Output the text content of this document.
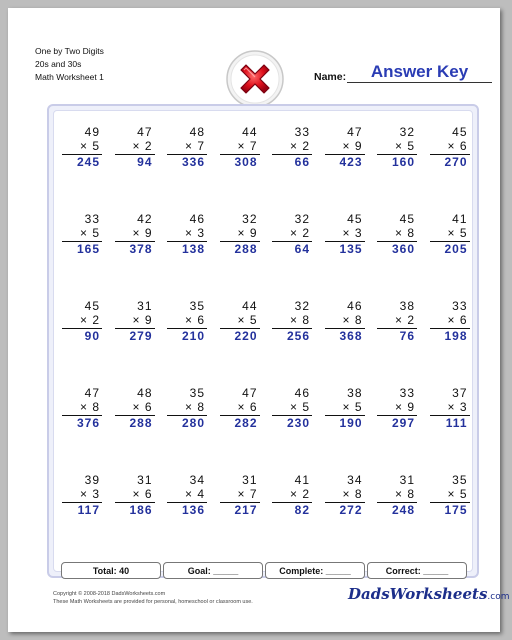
One by Two Digits
20s and 30s
Math Worksheet 1	Name:	Answer Key
49
× 5
245
47
× 2
94
48
× 7
336
44
× 7
308
33
× 2
66
47
× 9
423
32
× 5
160
45
× 6
270
33
× 5
165
42
× 9
378
46
× 3
138
32
× 9
288
32
× 2
64
45
× 3
135
45
× 8
360
41
× 5
205
45
× 2
90
31
× 9
279
35
× 6
210
44
× 5
220
32
× 8
256
46
× 8
368
38
× 2
76
33
× 6
198
47
× 8
376
48
× 6
288
35
× 8
280
47
× 6
282
46
× 5
230
38
× 5
190
33
× 9
297
37
× 3
111
39
× 3
117
31
× 6
186
34
× 4
136
31
× 7
217
41
× 2
82
34
× 8
272
31
× 8
248
35
× 5
175
Total: 40	Goal: _____	Complete: _____	Correct: _____
Copyright © 2008-2018 DadsWorksheets.com
These Math Worksheets are provided for personal, homeschool or classroom use.	DadsWorksheets.com
